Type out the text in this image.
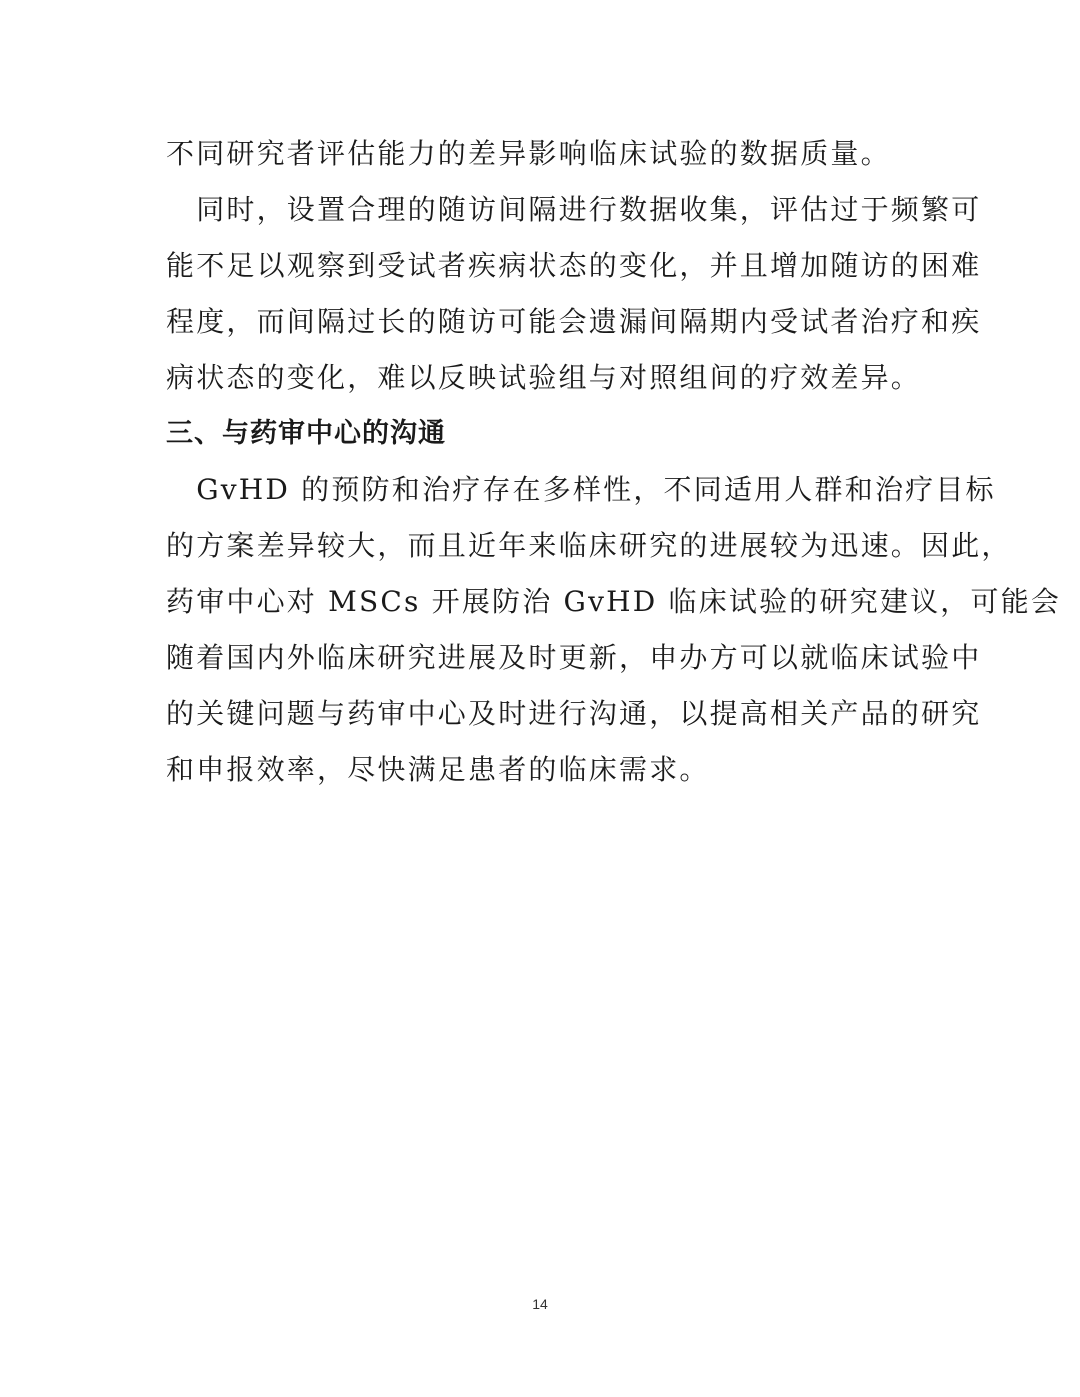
不同研究者评估能力的差异影响临床试验的数据质量。
　同时，设置合理的随访间隔进行数据收集，评估过于频繁可
能不足以观察到受试者疾病状态的变化，并且增加随访的困难
程度，而间隔过长的随访可能会遗漏间隔期内受试者治疗和疾
病状态的变化，难以反映试验组与对照组间的疗效差异。
三、与药审中心的沟通
　GvHD 的预防和治疗存在多样性，不同适用人群和治疗目标
的方案差异较大，而且近年来临床研究的进展较为迅速。因此，
药审中心对 MSCs 开展防治 GvHD 临床试验的研究建议，可能会
随着国内外临床研究进展及时更新，申办方可以就临床试验中
的关键问题与药审中心及时进行沟通，以提高相关产品的研究
和申报效率，尽快满足患者的临床需求。
14
